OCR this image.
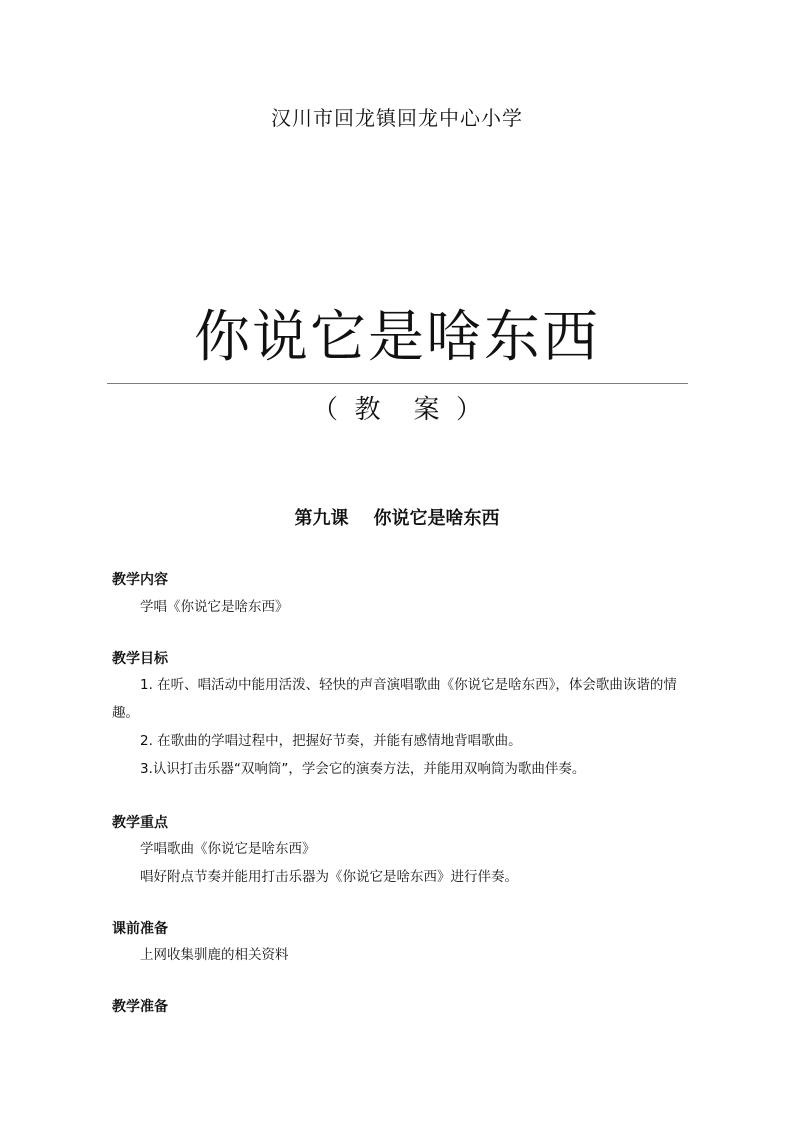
汉川市回龙镇回龙中心小学
你说它是啥东西
（  教    案  ）
第九课    你说它是啥东西
教学内容
学唱《你说它是啥东西》
教学目标
1. 在听、唱活动中能用活泼、轻快的声音演唱歌曲《你说它是啥东西》，体会歌曲诙谐的情趣。
2. 在歌曲的学唱过程中，把握好节奏，并能有感情地背唱歌曲。
3.认识打击乐器“双响筒”，学会它的演奏方法，并能用双响筒为歌曲伴奏。
教学重点
学唱歌曲《你说它是啥东西》
唱好附点节奏并能用打击乐器为《你说它是啥东西》进行伴奏。
课前准备
上网收集驯鹿的相关资料
教学准备
